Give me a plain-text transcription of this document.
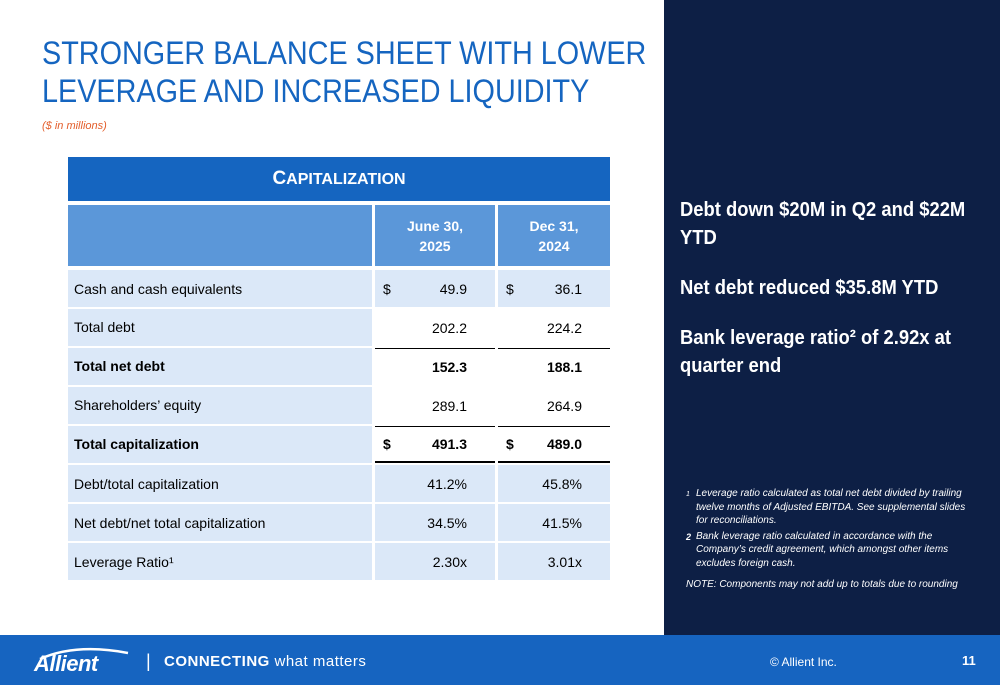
STRONGER BALANCE SHEET WITH LOWER
LEVERAGE AND INCREASED LIQUIDITY
($ in millions)
CAPITALIZATION
June 30,
2025
Dec 31,
2024
Cash and cash equivalents	$	49.9	$	36.1
Total debt	202.2	224.2
Total net debt	152.3	188.1
Shareholders’ equity	289.1	264.9
Total capitalization	$	491.3	$ 489.0
Debt/total capitalization	41.2%	45.8%
Net debt/net total capitalization	34.5%	41.5%
Leverage Ratio¹	2.30x	3.01x
Debt down $20M in Q2 and $22M YTD
Net debt reduced $35.8M YTD
Bank leverage ratio² of 2.92x at quarter end
1 Leverage ratio calculated as total net debt divided by trailing twelve months of Adjusted EBITDA. See supplemental slides for reconciliations.
2 Bank leverage ratio calculated in accordance with the Company’s credit agreement, which amongst other items excludes foreign cash.
NOTE: Components may not add up to totals due to rounding
Allient	| CONNECTING what matters	© Allient Inc.	11
